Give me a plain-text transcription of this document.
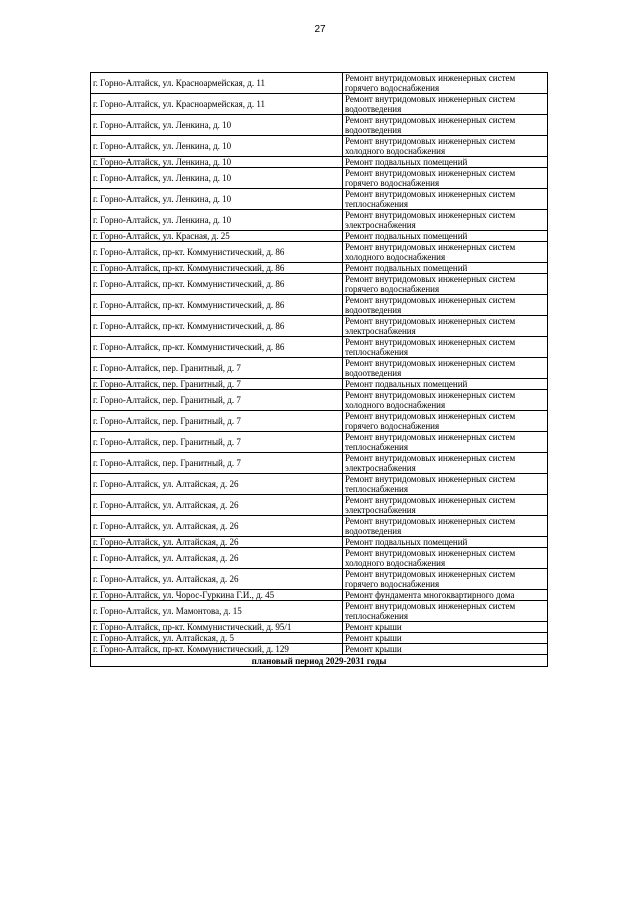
27
г. Горно-Алтайск, ул. Красноармейская, д. 11	Ремонт внутридомовых инженерных систем горячего водоснабжения
г. Горно-Алтайск, ул. Красноармейская, д. 11	Ремонт внутридомовых инженерных систем водоотведения
г. Горно-Алтайск, ул. Ленкина, д. 10	Ремонт внутридомовых инженерных систем водоотведения
г. Горно-Алтайск, ул. Ленкина, д. 10	Ремонт внутридомовых инженерных систем холодного водоснабжения
г. Горно-Алтайск, ул. Ленкина, д. 10	Ремонт подвальных помещений
г. Горно-Алтайск, ул. Ленкина, д. 10	Ремонт внутридомовых инженерных систем горячего водоснабжения
г. Горно-Алтайск, ул. Ленкина, д. 10	Ремонт внутридомовых инженерных систем теплоснабжения
г. Горно-Алтайск, ул. Ленкина, д. 10	Ремонт внутридомовых инженерных систем электроснабжения
г. Горно-Алтайск, ул. Красная, д. 25	Ремонт подвальных помещений
г. Горно-Алтайск, пр-кт. Коммунистический, д. 86	Ремонт внутридомовых инженерных систем холодного водоснабжения
г. Горно-Алтайск, пр-кт. Коммунистический, д. 86	Ремонт подвальных помещений
г. Горно-Алтайск, пр-кт. Коммунистический, д. 86	Ремонт внутридомовых инженерных систем горячего водоснабжения
г. Горно-Алтайск, пр-кт. Коммунистический, д. 86	Ремонт внутридомовых инженерных систем водоотведения
г. Горно-Алтайск, пр-кт. Коммунистический, д. 86	Ремонт внутридомовых инженерных систем электроснабжения
г. Горно-Алтайск, пр-кт. Коммунистический, д. 86	Ремонт внутридомовых инженерных систем теплоснабжения
г. Горно-Алтайск, пер. Гранитный, д. 7	Ремонт внутридомовых инженерных систем водоотведения
г. Горно-Алтайск, пер. Гранитный, д. 7	Ремонт подвальных помещений
г. Горно-Алтайск, пер. Гранитный, д. 7	Ремонт внутридомовых инженерных систем холодного водоснабжения
г. Горно-Алтайск, пер. Гранитный, д. 7	Ремонт внутридомовых инженерных систем горячего водоснабжения
г. Горно-Алтайск, пер. Гранитный, д. 7	Ремонт внутридомовых инженерных систем теплоснабжения
г. Горно-Алтайск, пер. Гранитный, д. 7	Ремонт внутридомовых инженерных систем электроснабжения
г. Горно-Алтайск, ул. Алтайская, д. 26	Ремонт внутридомовых инженерных систем теплоснабжения
г. Горно-Алтайск, ул. Алтайская, д. 26	Ремонт внутридомовых инженерных систем электроснабжения
г. Горно-Алтайск, ул. Алтайская, д. 26	Ремонт внутридомовых инженерных систем водоотведения
г. Горно-Алтайск, ул. Алтайская, д. 26	Ремонт подвальных помещений
г. Горно-Алтайск, ул. Алтайская, д. 26	Ремонт внутридомовых инженерных систем холодного водоснабжения
г. Горно-Алтайск, ул. Алтайская, д. 26	Ремонт внутридомовых инженерных систем горячего водоснабжения
г. Горно-Алтайск, ул. Чорос-Гуркина Г.И., д. 45	Ремонт фундамента многоквартирного дома
г. Горно-Алтайск, ул. Мамонтова, д. 15	Ремонт внутридомовых инженерных систем теплоснабжения
г. Горно-Алтайск, пр-кт. Коммунистический, д. 95/1	Ремонт крыши
г. Горно-Алтайск, ул. Алтайская, д. 5	Ремонт крыши
г. Горно-Алтайск, пр-кт. Коммунистический, д. 129	Ремонт крыши
плановый период 2029-2031 годы	
